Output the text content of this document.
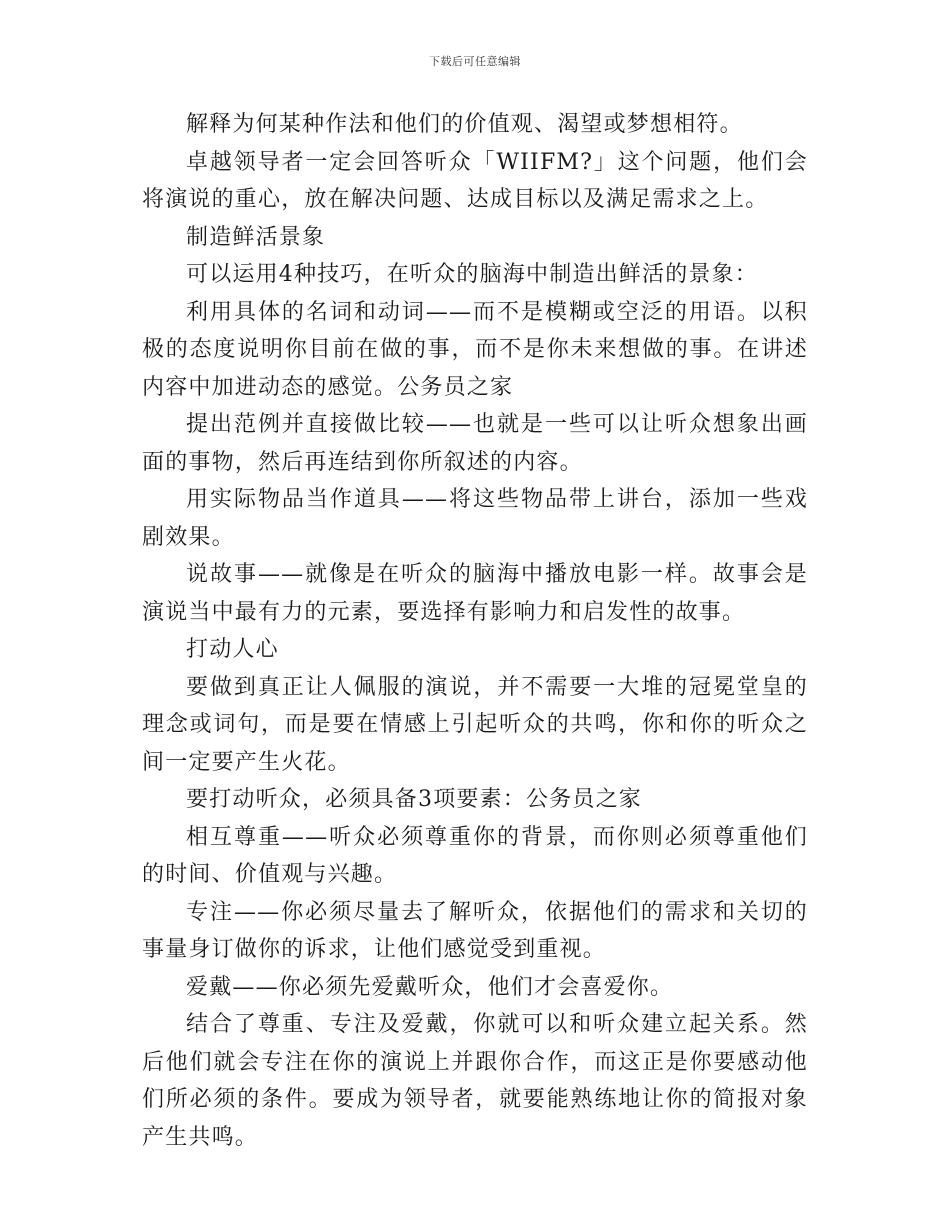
下载后可任意编辑

解释为何某种作法和他们的价值观、渴望或梦想相符。

卓越领导者一定会回答听众「WIIFM?」这个问题，他们会将演说的重心，放在解决问题、达成目标以及满足需求之上。

制造鲜活景象

可以运用4种技巧，在听众的脑海中制造出鲜活的景象：

利用具体的名词和动词——而不是模糊或空泛的用语。以积极的态度说明你目前在做的事，而不是你未来想做的事。在讲述内容中加进动态的感觉。公务员之家

提出范例并直接做比较——也就是一些可以让听众想象出画面的事物，然后再连结到你所叙述的内容。

用实际物品当作道具——将这些物品带上讲台，添加一些戏剧效果。

说故事——就像是在听众的脑海中播放电影一样。故事会是演说当中最有力的元素，要选择有影响力和启发性的故事。

打动人心

要做到真正让人佩服的演说，并不需要一大堆的冠冕堂皇的理念或词句，而是要在情感上引起听众的共鸣，你和你的听众之间一定要产生火花。

要打动听众，必须具备3项要素：公务员之家

相互尊重——听众必须尊重你的背景，而你则必须尊重他们的时间、价值观与兴趣。

专注——你必须尽量去了解听众，依据他们的需求和关切的事量身订做你的诉求，让他们感觉受到重视。

爱戴——你必须先爱戴听众，他们才会喜爱你。

结合了尊重、专注及爱戴，你就可以和听众建立起关系。然后他们就会专注在你的演说上并跟你合作，而这正是你要感动他们所必须的条件。要成为领导者，就要能熟练地让你的简报对象产生共鸣。
